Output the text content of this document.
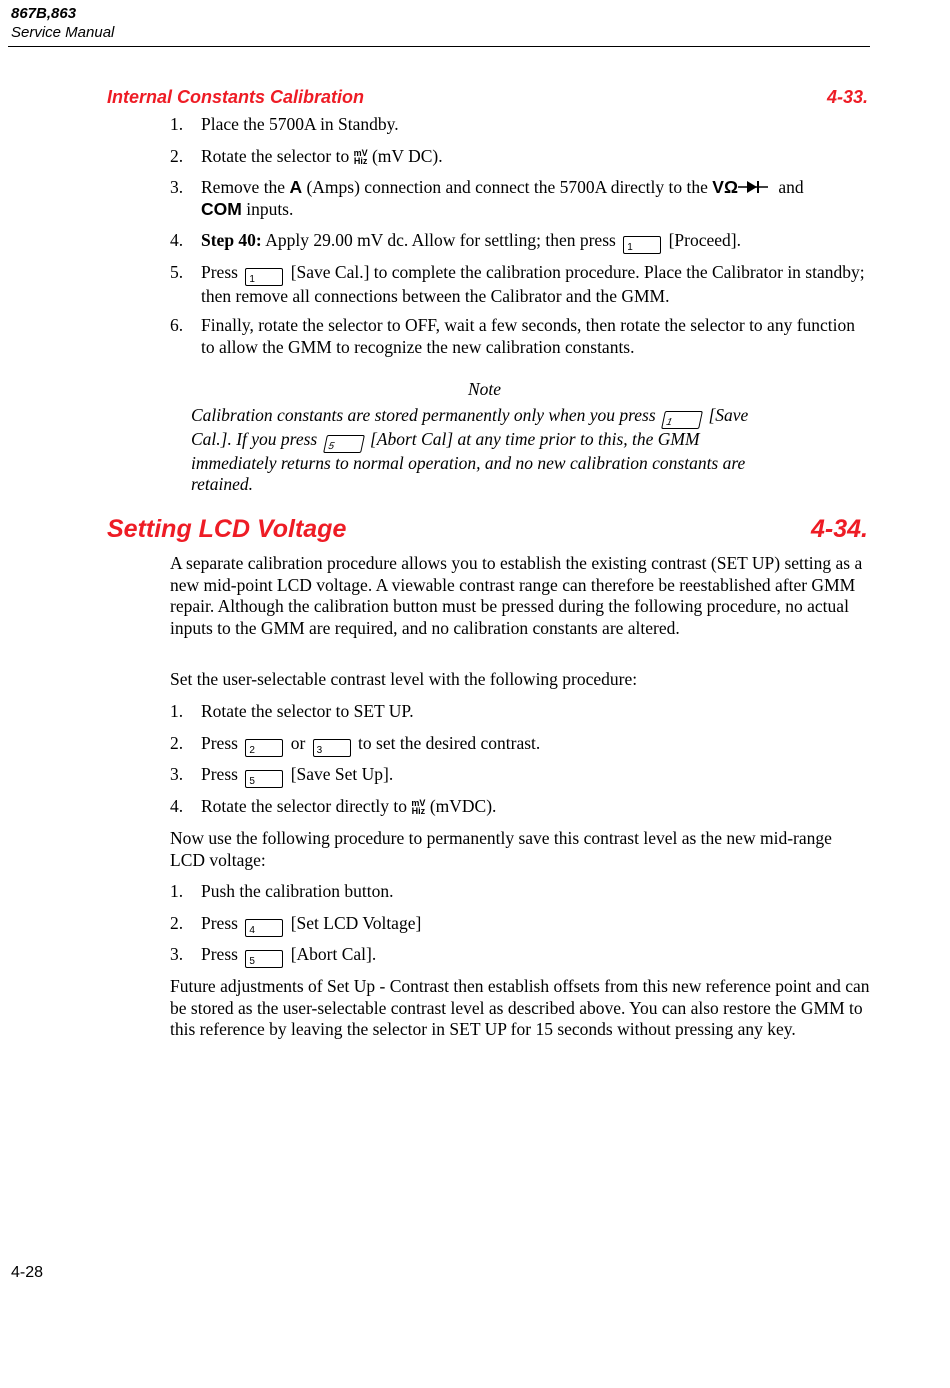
867B,863
Service Manual
Internal Constants Calibration	4-33.

1. Place the 5700A in Standby.

2. Rotate the selector to mV
Hiz (mV DC).

3. Remove the A (Amps) connection and connect the 5700A directly to the VΩ and
COM inputs.

4. Step 40: Apply 29.00 mV dc. Allow for settling; then press 1 [Proceed].

5. Press 1 [Save Cal.] to complete the calibration procedure. Place the Calibrator in standby; then remove all connections between the Calibrator and the GMM.

6. Finally, rotate the selector to OFF, wait a few seconds, then rotate the selector to any function to allow the GMM to recognize the new calibration constants.

Note
Calibration constants are stored permanently only when you press 1 [Save Cal.]. If you press 5 [Abort Cal] at any time prior to this, the GMM immediately returns to normal operation, and no new calibration constants are retained.
Setting LCD Voltage	4-34.

A separate calibration procedure allows you to establish the existing contrast (SET UP) setting as a new mid-point LCD voltage. A viewable contrast range can therefore be reestablished after GMM repair. Although the calibration button must be pressed during the following procedure, no actual inputs to the GMM are required, and no calibration constants are altered.

Set the user-selectable contrast level with the following procedure:

1. Rotate the selector to SET UP.

2. Press 2 or 3 to set the desired contrast.

3. Press 5 [Save Set Up].

4. Rotate the selector directly to mV
Hiz (mVDC).

Now use the following procedure to permanently save this contrast level as the new mid-range LCD voltage:

1. Push the calibration button.

2. Press 4 [Set LCD Voltage]

3. Press 5 [Abort Cal].

Future adjustments of Set Up - Contrast then establish offsets from this new reference point and can be stored as the user-selectable contrast level as described above. You can also restore the GMM to this reference by leaving the selector in SET UP for 15 seconds without pressing any key.

4-28
